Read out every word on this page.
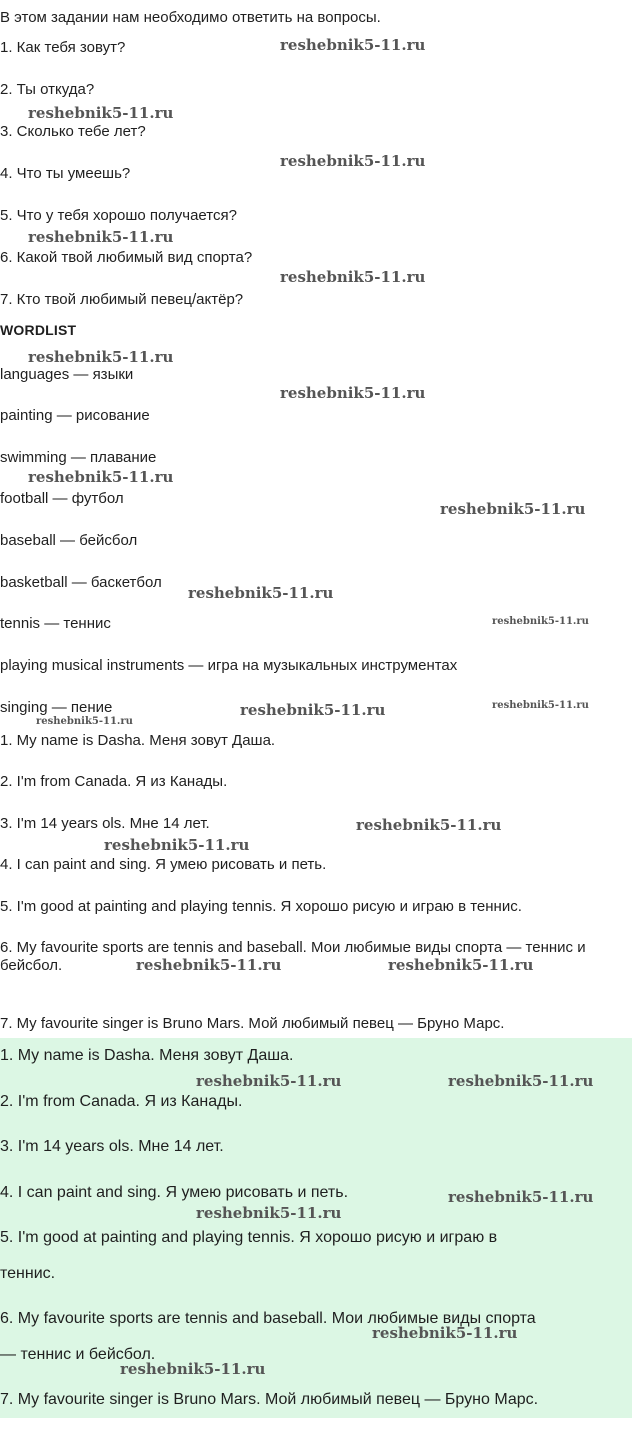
В этом задании нам необходимо ответить на вопросы.
1. Как тебя зовут?
2. Ты откуда?
3. Сколько тебе лет?
4. Что ты умеешь?
5. Что у тебя хорошо получается?
6. Какой твой любимый вид спорта?
7. Кто твой любимый певец/актёр?
WORDLIST
languages — языки
painting — рисование
swimming — плавание
football — футбол
baseball — бейсбол
basketball — баскетбол
tennis — теннис
playing musical instruments — игра на музыкальных инструментах
singing — пение
1. My name is Dasha. Меня зовут Даша.
2. I'm from Canada. Я из Канады.
3. I'm 14 years ols. Мне 14 лет.
4. I can paint and sing. Я умею рисовать и петь.
5. I'm good at painting and playing tennis. Я хорошо рисую и играю в теннис.
6. My favourite sports are tennis and baseball. Мои любимые виды спорта — теннис и бейсбол.
7. My favourite singer is Bruno Mars. Мой любимый певец — Бруно Марс.
1. My name is Dasha. Меня зовут Даша.
2. I'm from Canada. Я из Канады.
3. I'm 14 years ols. Мне 14 лет.
4. I can paint and sing. Я умею рисовать и петь.
5. I'm good at painting and playing tennis. Я хорошо рисую и играю в
теннис.
6. My favourite sports are tennis and baseball. Мои любимые виды спорта
— теннис и бейсбол.
7. My favourite singer is Bruno Mars. Мой любимый певец — Бруно Марс.
reshebnik5-11.ru
reshebnik5-11.ru
reshebnik5-11.ru
reshebnik5-11.ru
reshebnik5-11.ru
reshebnik5-11.ru
reshebnik5-11.ru
reshebnik5-11.ru
reshebnik5-11.ru
reshebnik5-11.ru
reshebnik5-11.ru
reshebnik5-11.ru	reshebnik5-11.ru
reshebnik5-11.ru
reshebnik5-11.ru
reshebnik5-11.ru
reshebnik5-11.ru	reshebnik5-11.ru
reshebnik5-11.ru	reshebnik5-11.ru
reshebnik5-11.ru
reshebnik5-11.ru
reshebnik5-11.ru
reshebnik5-11.ru
